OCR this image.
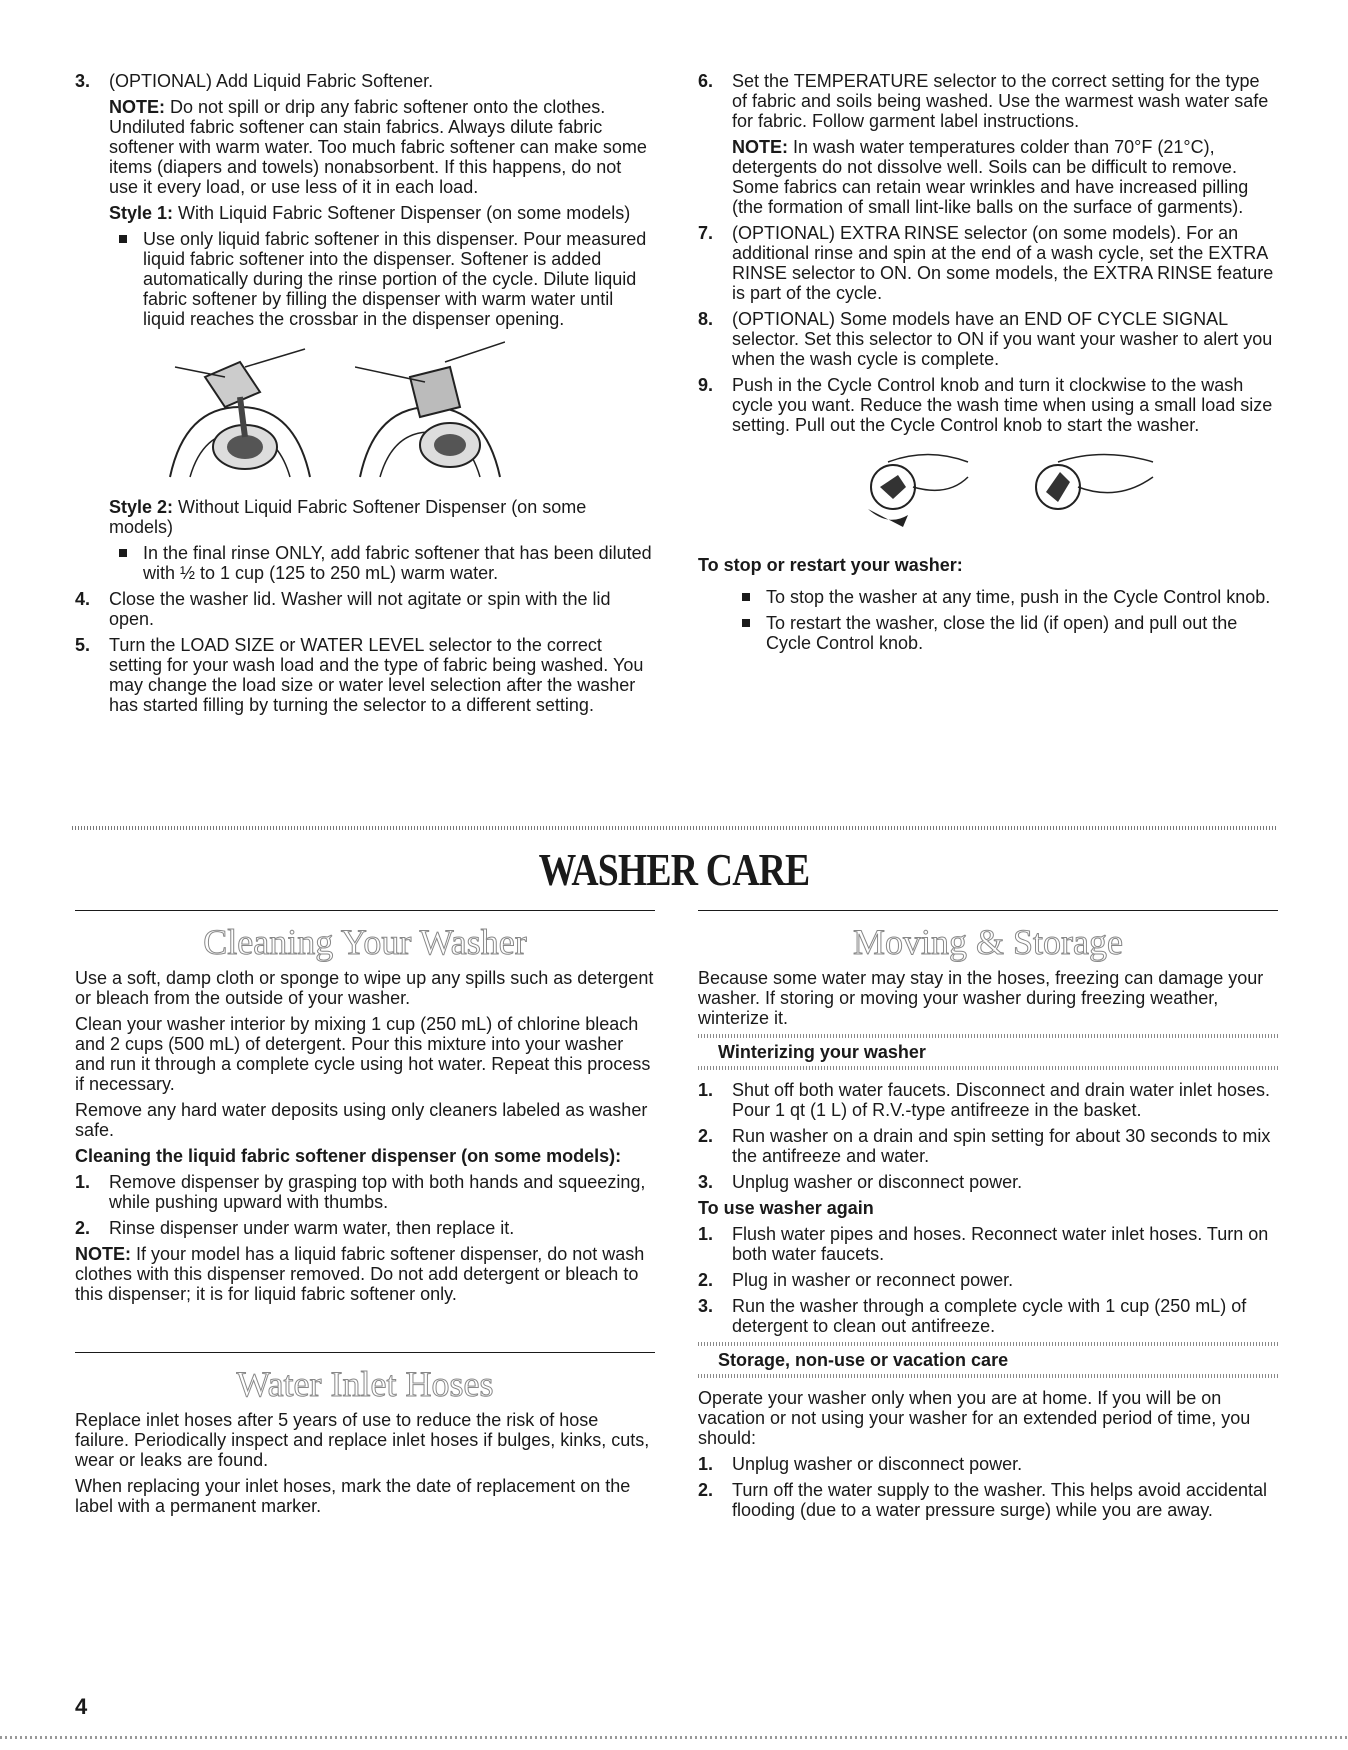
3. (OPTIONAL) Add Liquid Fabric Softener.

NOTE: Do not spill or drip any fabric softener onto the clothes. Undiluted fabric softener can stain fabrics. Always dilute fabric softener with warm water. Too much fabric softener can make some items (diapers and towels) nonabsorbent. If this happens, do not use it every load, or use less of it in each load.

Style 1: With Liquid Fabric Softener Dispenser (on some models)

Use only liquid fabric softener in this dispenser. Pour measured liquid fabric softener into the dispenser. Softener is added automatically during the rinse portion of the cycle. Dilute liquid fabric softener by filling the dispenser with warm water until liquid reaches the crossbar in the dispenser opening.

Style 2: Without Liquid Fabric Softener Dispenser (on some models)

In the final rinse ONLY, add fabric softener that has been diluted with ½ to 1 cup (125 to 250 mL) warm water.
4. Close the washer lid. Washer will not agitate or spin with the lid open.
5. Turn the LOAD SIZE or WATER LEVEL selector to the correct setting for your wash load and the type of fabric being washed. You may change the load size or water level selection after the washer has started filling by turning the selector to a different setting.
6. Set the TEMPERATURE selector to the correct setting for the type of fabric and soils being washed. Use the warmest wash water safe for fabric. Follow garment label instructions.

NOTE: In wash water temperatures colder than 70°F (21°C), detergents do not dissolve well. Soils can be difficult to remove. Some fabrics can retain wear wrinkles and have increased pilling (the formation of small lint-like balls on the surface of garments).

7. (OPTIONAL) EXTRA RINSE selector (on some models). For an additional rinse and spin at the end of a wash cycle, set the EXTRA RINSE selector to ON. On some models, the EXTRA RINSE feature is part of the cycle.
8. (OPTIONAL) Some models have an END OF CYCLE SIGNAL selector. Set this selector to ON if you want your washer to alert you when the wash cycle is complete.
9. Push in the Cycle Control knob and turn it clockwise to the wash cycle you want. Reduce the wash time when using a small load size setting. Pull out the Cycle Control knob to start the washer.
To stop or restart your washer:
To stop the washer at any time, push in the Cycle Control knob.
To restart the washer, close the lid (if open) and pull out the Cycle Control knob.
WASHER CARE
Cleaning Your Washer

Use a soft, damp cloth or sponge to wipe up any spills such as detergent or bleach from the outside of your washer.

Clean your washer interior by mixing 1 cup (250 mL) of chlorine bleach and 2 cups (500 mL) of detergent. Pour this mixture into your washer and run it through a complete cycle using hot water. Repeat this process if necessary.

Remove any hard water deposits using only cleaners labeled as washer safe.

Cleaning the liquid fabric softener dispenser (on some models):
1. Remove dispenser by grasping top with both hands and squeezing, while pushing upward with thumbs.
2. Rinse dispenser under warm water, then replace it.

NOTE: If your model has a liquid fabric softener dispenser, do not wash clothes with this dispenser removed. Do not add detergent or bleach to this dispenser; it is for liquid fabric softener only.

Water Inlet Hoses

Replace inlet hoses after 5 years of use to reduce the risk of hose failure. Periodically inspect and replace inlet hoses if bulges, kinks, cuts, wear or leaks are found.

When replacing your inlet hoses, mark the date of replacement on the label with a permanent marker.

Moving & Storage

Because some water may stay in the hoses, freezing can damage your washer. If storing or moving your washer during freezing weather, winterize it.

Winterizing your washer
1. Shut off both water faucets. Disconnect and drain water inlet hoses. Pour 1 qt (1 L) of R.V.-type antifreeze in the basket.
2. Run washer on a drain and spin setting for about 30 seconds to mix the antifreeze and water.
3. Unplug washer or disconnect power.
To use washer again
1. Flush water pipes and hoses. Reconnect water inlet hoses. Turn on both water faucets.
2. Plug in washer or reconnect power.
3. Run the washer through a complete cycle with 1 cup (250 mL) of detergent to clean out antifreeze.
Storage, non-use or vacation care

Operate your washer only when you are at home. If you will be on vacation or not using your washer for an extended period of time, you should:

1. Unplug washer or disconnect power.
2. Turn off the water supply to the washer. This helps avoid accidental flooding (due to a water pressure surge) while you are away.
4
